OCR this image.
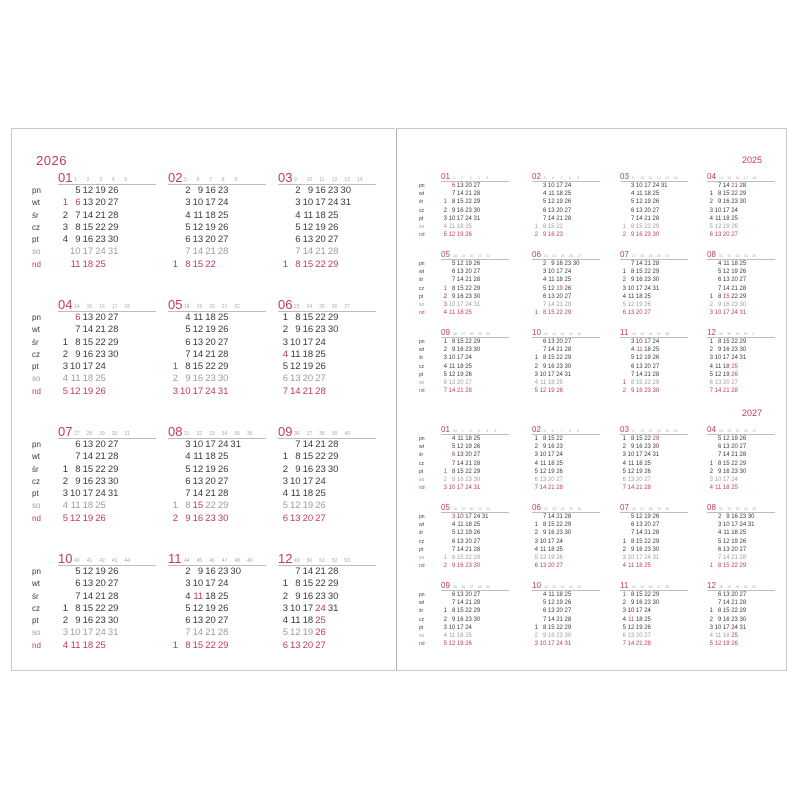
2026
01 1 2 3 4 5
pn	5 12 19 26
wt	1 6 13 20 27
śr	2 7 14 21 28
cz	3 8 15 22 29
pt	4 9 16 23 30
so	10 17 24 31
nd	11 18 25
02 5 6 7 8 9
2 9 16 23
3 10 17 24
4 11 18 25
5 12 19 26
6 13 20 27
7 14 21 28
1 8 15 22
03 9 10 11 12 13 14
2 9 16 23 30
3 10 17 24 31
4 11 18 25
5 12 19 26
6 13 20 27
7 14 21 28
1 8 15 22 29
04 14 15 16 17 18
pn	6 13 20 27
wt	7 14 21 28
śr	1 8 15 22 29
cz	2 9 16 23 30
pt	3 10 17 24
so	4 11 18 25
nd	5 12 19 26
05 18 19 20 21 22
4 11 18 25
5 12 19 26
6 13 20 27
7 14 21 28
1 8 15 22 29
2 9 16 23 30
3 10 17 24 31
06 23 24 25 26 27
1 8 15 22 29
2 9 16 23 30
3 10 17 24
4 11 18 25
5 12 19 26
6 13 20 27
7 14 21 28
07 27 28 29 30 31
pn	6 13 20 27
wt	7 14 21 28
śr	1 8 15 22 29
cz	2 9 16 23 30
pt	3 10 17 24 31
so	4 11 18 25
nd	5 12 19 26
08 31 32 33 34 35 36
3 10 17 24 31
4 11 18 25
5 12 19 26
6 13 20 27
7 14 21 28
1 8 15 22 29
2 9 16 23 30
09 36 37 38 39 40
7 14 21 28
1 8 15 22 29
2 9 16 23 30
3 10 17 24
4 11 18 25
5 12 19 26
6 13 20 27
10 40 41 42 43 44
pn	5 12 19 26
wt	6 13 20 27
śr	7 14 21 28
cz	1 8 15 22 29
pt	2 9 16 23 30
so	3 10 17 24 31
nd	4 11 18 25
11 44 45 46 47 48 49
2 9 16 23 30
3 10 17 24
4 11 18 25
5 12 19 26
6 13 20 27
7 14 21 28
1 8 15 22 29
12 49 50 51 52 53
7 14 21 28
1 8 15 22 29
2 9 16 23 30
3 10 17 24 31
4 11 18 25
5 12 19 26
6 13 20 27
2025
01 1 2 3 4 5
pn	6 13 20 27
wt	7 14 21 28
śr	1 8 15 22 29
cz	2 9 16 23 30
pt	3 10 17 24 31
so	4 11 18 25
nd	5 12 19 26
02 5 6 7 8 9
3 10 17 24
4 11 18 25
5 12 19 26
6 13 20 27
7 14 21 28
1 8 15 22
2 9 16 23
03 9 10 11 12 13 14
3 10 17 24 31
4 11 18 25
5 12 19 26
6 13 20 27
7 14 21 28
1 8 15 22 29
2 9 16 23 30
04 14 15 16 17 18
7 14 21 28
1 8 15 22 29
2 9 16 23 30
3 10 17 24
4 11 18 25
5 12 19 26
6 13 20 27
05 18 19 20 21 22
pn	5 12 19 26
wt	6 13 20 27
śr	7 14 21 28
cz	1 8 15 22 29
pt	2 9 16 23 30
so	3 10 17 24 31
nd	4 11 18 25
06 23 24 25 26 27
2 9 16 23 30
3 10 17 24
4 11 18 25
5 12 19 26
6 13 20 27
7 14 21 28
1 8 15 22 29
07 27 28 29 30 31
7 14 21 28
1 8 15 22 29
2 9 16 23 30
3 10 17 24 31
4 11 18 25
5 12 19 26
6 13 20 27
08 31 32 33 34 35
4 11 18 25
5 12 19 26
6 13 20 27
7 14 21 28
1 8 15 22 29
2 9 16 23 30
3 10 17 24 31
09 36 37 38 39 40
pn	1 8 15 22 29
wt	2 9 16 23 30
śr	3 10 17 24
cz	4 11 18 25
pt	5 12 19 26
so	6 13 20 27
nd	7 14 21 28
10 40 41 42 43 44
6 13 20 27
7 14 21 28
1 8 15 22 29
2 9 16 23 30
3 10 17 24 31
4 11 18 25
5 12 19 26
11 44 45 46 47 48
3 10 17 24
4 11 18 25
5 12 19 26
6 13 20 27
7 14 21 28
1 8 15 22 29
2 9 16 23 30
12 49 50 51 52 1
1 8 15 22 29
2 9 16 23 30
3 10 17 24 31
4 11 18 25
5 12 19 26
6 13 20 27
7 14 21 28
2027
01 53 1 2 3 4 5
pn	4 11 18 25
wt	5 12 19 26
śr	6 13 20 27
cz	7 14 21 28
pt	1 8 15 22 29
so	2 9 16 23 30
nd	3 10 17 24 31
02 5 6 7 8 9
1 8 15 22
2 9 16 23
3 10 17 24
4 11 18 25
5 12 19 26
6 13 20 27
7 14 21 28
03 9 10 11 12 13 14
1 8 15 22 29
2 9 16 23 30
3 10 17 24 31
4 11 18 25
5 12 19 26
6 13 20 27
7 14 21 28
04 13 14 15 16 17
5 12 19 26
6 13 20 27
7 14 21 28
1 8 15 22 29
2 9 16 23 30
3 10 17 24
4 11 18 25
05 18 19 20 21 22
pn	3 10 17 24 31
wt	4 11 18 25
śr	5 12 19 26
cz	6 13 20 27
pt	7 14 21 28
so	1 8 15 22 29
nd	2 9 16 23 30
06 22 23 24 25 26
7 14 21 28
1 8 15 22 29
2 9 16 23 30
3 10 17 24
4 11 18 25
5 12 19 26
6 13 20 27
07 26 27 28 29 30
5 12 19 26
6 13 20 27
7 14 21 28
1 8 15 22 29
2 9 16 23 30
3 10 17 24 31
4 11 18 25
08 31 32 33 34 35
2 9 16 23 30
3 10 17 24 31
4 11 18 25
5 12 19 26
6 13 20 27
7 14 21 28
1 8 15 22 29
09 35 36 37 38 39
pn	6 13 20 27
wt	7 14 21 28
śr	1 8 15 22 29
cz	2 9 16 23 30
pt	3 10 17 24
so	4 11 18 25
nd	5 12 19 26
10 40 41 42 43 44
4 11 18 25
5 12 19 26
6 13 20 27
7 14 21 28
1 8 15 22 29
2 9 16 23 30
3 10 17 24 31
11 44 45 46 47 48
1 8 15 22 29
2 9 16 23 30
3 10 17 24
4 11 18 25
5 12 19 26
6 13 20 27
7 14 21 28
12 48 49 50 51 52
6 13 20 27
7 14 21 28
1 8 15 22 29
2 9 16 23 30
3 10 17 24 31
4 11 18 25
5 12 19 26
